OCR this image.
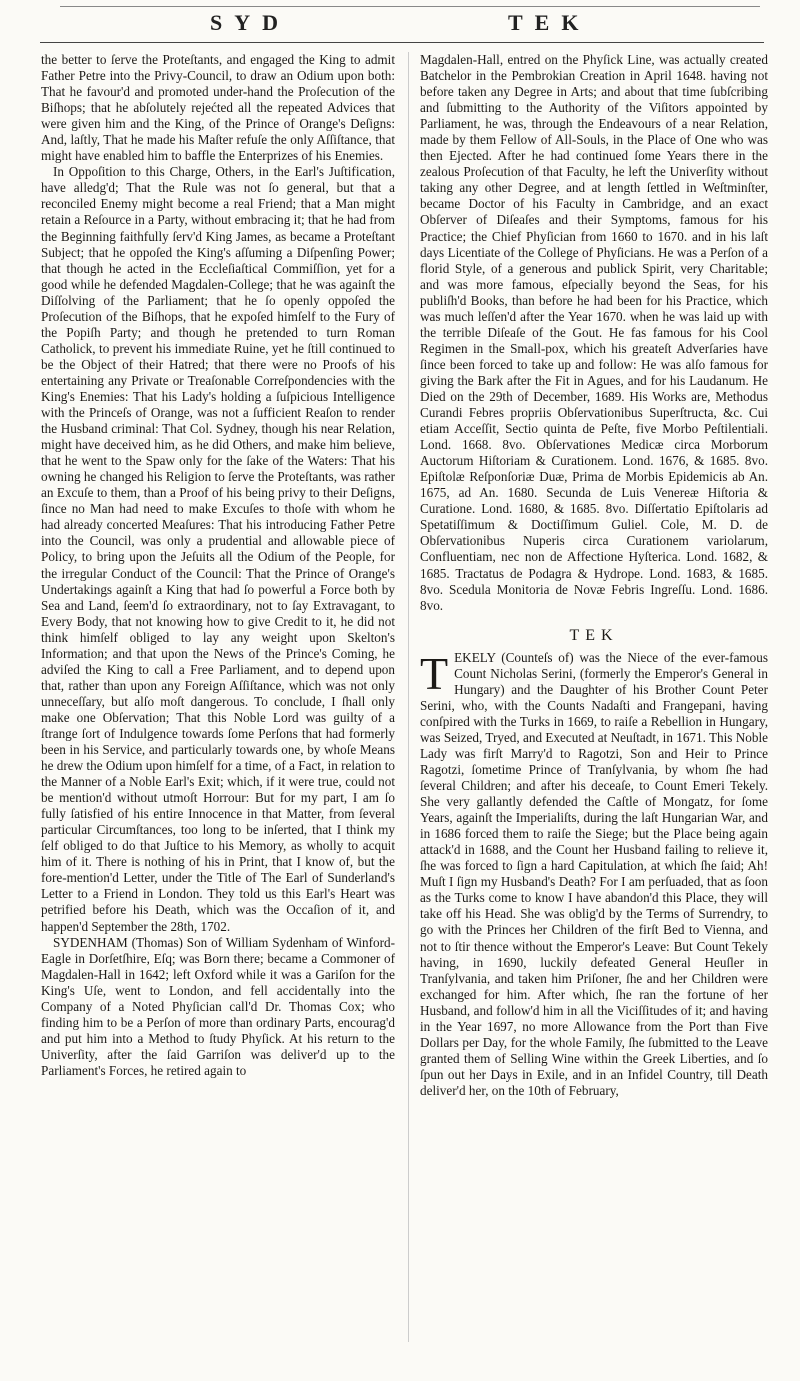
SYD	TEK

the better to ſerve the Proteſtants, and engaged the King to admit Father Petre into the Privy-Council, to draw an Odium upon both: That he favour'd and promoted under-hand the Proſecution of the Biſhops; that he abſolutely rejećted all the repeated Advices that were given him and the King, of the Prince of Orange's Deſigns: And, laſtly, That he made his Maſter refuſe the only Aſſiſtance, that might have enabled him to baffle the Enterprizes of his Enemies.

In Oppoſition to this Charge, Others, in the Earl's Juſtification, have alledg'd; That the Rule was not ſo general, but that a reconciled Enemy might become a real Friend; that a Man might retain a Reſource in a Party, without embracing it; that he had from the Beginning faithfully ſerv'd King James, as became a Proteſtant Subject; that he oppoſed the King's aſſuming a Diſpenſing Power; that though he acted in the Eccleſiaſtical Commiſſion, yet for a good while he defended Magdalen-College; that he was againſt the Diſſolving of the Parliament; that he ſo openly oppoſed the Proſecution of the Biſhops, that he expoſed himſelf to the Fury of the Popiſh Party; and though he pretended to turn Roman Catholick, to prevent his immediate Ruine, yet he ſtill continued to be the Object of their Hatred; that there were no Proofs of his entertaining any Private or Treaſonable Correſpondencies with the King's Enemies: That his Lady's holding a ſuſpicious Intelligence with the Princeſs of Orange, was not a ſufficient Reaſon to render the Husband criminal: That Col. Sydney, though his near Relation, might have deceived him, as he did Others, and make him believe, that he went to the Spaw only for the ſake of the Waters: That his owning he changed his Religion to ſerve the Proteſtants, was rather an Excuſe to them, than a Proof of his being privy to their Deſigns, ſince no Man had need to make Excuſes to thoſe with whom he had already concerted Meaſures: That his introducing Father Petre into the Council, was only a prudential and allowable piece of Policy, to bring upon the Jeſuits all the Odium of the People, for the irregular Conduct of the Council: That the Prince of Orange's Undertakings againſt a King that had ſo powerful a Force both by Sea and Land, ſeem'd ſo extraordinary, not to ſay Extravagant, to Every Body, that not knowing how to give Credit to it, he did not think himſelf obliged to lay any weight upon Skelton's Information; and that upon the News of the Prince's Coming, he adviſed the King to call a Free Parliament, and to depend upon that, rather than upon any Foreign Aſſiſtance, which was not only unneceſſary, but alſo moſt dangerous. To conclude, I ſhall only make one Obſervation; That this Noble Lord was guilty of a ſtrange ſort of Indulgence towards ſome Perſons that had formerly been in his Service, and particularly towards one, by whoſe Means he drew the Odium upon himſelf for a time, of a Fact, in relation to the Manner of a Noble Earl's Exit; which, if it were true, could not be mention'd without utmoſt Horrour: But for my part, I am ſo fully ſatisfied of his entire Innocence in that Matter, from ſeveral particular Circumſtances, too long to be inſerted, that I think my ſelf obliged to do that Juſtice to his Memory, as wholly to acquit him of it. There is nothing of his in Print, that I know of, but the fore-mention'd Letter, under the Title of The Earl of Sunderland's Letter to a Friend in London. They told us this Earl's Heart was petrified before his Death, which was the Occaſion of it, and happen'd September the 28th, 1702.

SYDENHAM (Thomas) Son of William Sydenham of Winford-Eagle in Dorſetſhire, Eſq; was Born there; became a Commoner of Magdalen-Hall in 1642; left Oxford while it was a Gariſon for the King's Uſe, went to London, and fell accidentally into the Company of a Noted Phyſician call'd Dr. Thomas Cox; who finding him to be a Perſon of more than ordinary Parts, encourag'd and put him into a Method to ſtudy Phyſick. At his return to the Univerſity, after the ſaid Garriſon was deliver'd up to the Parliament's Forces, he retired again to

Magdalen-Hall, entred on the Phyſick Line, was actually created Batchelor in the Pembrokian Creation in April 1648. having not before taken any Degree in Arts; and about that time ſubſcribing and ſubmitting to the Authority of the Viſitors appointed by Parliament, he was, through the Endeavours of a near Relation, made by them Fellow of All-Souls, in the Place of One who was then Ejected. After he had continued ſome Years there in the zealous Proſecution of that Faculty, he left the Univerſity without taking any other Degree, and at length ſettled in Weſtminſter, became Doctor of his Faculty in Cambridge, and an exact Obſerver of Diſeaſes and their Symptoms, famous for his Practice; the Chief Phyſician from 1660 to 1670. and in his laſt days Licentiate of the College of Phyſicians. He was a Perſon of a florid Style, of a generous and publick Spirit, very Charitable; and was more famous, eſpecially beyond the Seas, for his publiſh'd Books, than before he had been for his Practice, which was much leſſen'd after the Year 1670. when he was laid up with the terrible Diſeaſe of the Gout. He fas famous for his Cool Regimen in the Small-pox, which his greateſt Adverſaries have ſince been forced to take up and follow: He was alſo famous for giving the Bark after the Fit in Agues, and for his Laudanum. He Died on the 29th of December, 1689. His Works are, Methodus Curandi Febres propriis Obſervationibus Superſtructa, &c. Cui etiam Acceſſit, Sectio quinta de Peſte, five Morbo Peſtilentiali. Lond. 1668. 8vo. Obſervationes Medicæ circa Morborum Auctorum Hiſtoriam & Curationem. Lond. 1676, & 1685. 8vo. Epiſtolæ Reſponſoriæ Duæ, Prima de Morbis Epidemicis ab An. 1675, ad An. 1680. Secunda de Luis Venereæ Hiſtoria & Curatione. Lond. 1680, & 1685. 8vo. Diſſertatio Epiſtolaris ad Spetatiſſimum & Doctiſſimum Guliel. Cole, M. D. de Obſervationibus Nuperis circa Curationem variolarum, Confluentiam, nec non de Affectione Hyſterica. Lond. 1682, & 1685. Tractatus de Podagra & Hydrope. Lond. 1683, & 1685. 8vo. Scedula Monitoria de Novæ Febris Ingreſſu. Lond. 1686. 8vo.

TEK

TEKELY (Counteſs of) was the Niece of the ever-famous Count Nicholas Serini, (formerly the Emperor's General in Hungary) and the Daughter of his Brother Count Peter Serini, who, with the Counts Nadaſti and Frangepani, having conſpired with the Turks in 1669, to raiſe a Rebellion in Hungary, was Seized, Tryed, and Executed at Neuſtadt, in 1671. This Noble Lady was firſt Marry'd to Ragotzi, Son and Heir to Prince Ragotzi, ſometime Prince of Tranſylvania, by whom ſhe had ſeveral Children; and after his deceaſe, to Count Emeri Tekely. She very gallantly defended the Caſtle of Mongatz, for ſome Years, againſt the Imperialiſts, during the laſt Hungarian War, and in 1686 forced them to raiſe the Siege; but the Place being again attack'd in 1688, and the Count her Husband failing to relieve it, ſhe was forced to ſign a hard Capitulation, at which ſhe ſaid; Ah! Muſt I ſign my Husband's Death? For I am perſuaded, that as ſoon as the Turks come to know I have abandon'd this Place, they will take off his Head. She was oblig'd by the Terms of Surrendry, to go with the Princes her Children of the firſt Bed to Vienna, and not to ſtir thence without the Emperor's Leave: But Count Tekely having, in 1690, luckily defeated General Heuſler in Tranſylvania, and taken him Priſoner, ſhe and her Children were exchanged for him. After which, ſhe ran the fortune of her Husband, and follow'd him in all the Viciſſitudes of it; and having in the Year 1697, no more Allowance from the Port than Five Dollars per Day, for the whole Family, ſhe ſubmitted to the Leave granted them of Selling Wine within the Greek Liberties, and ſo ſpun out her Days in Exile, and in an Infidel Country, till Death deliver'd her, on the 10th of February,
